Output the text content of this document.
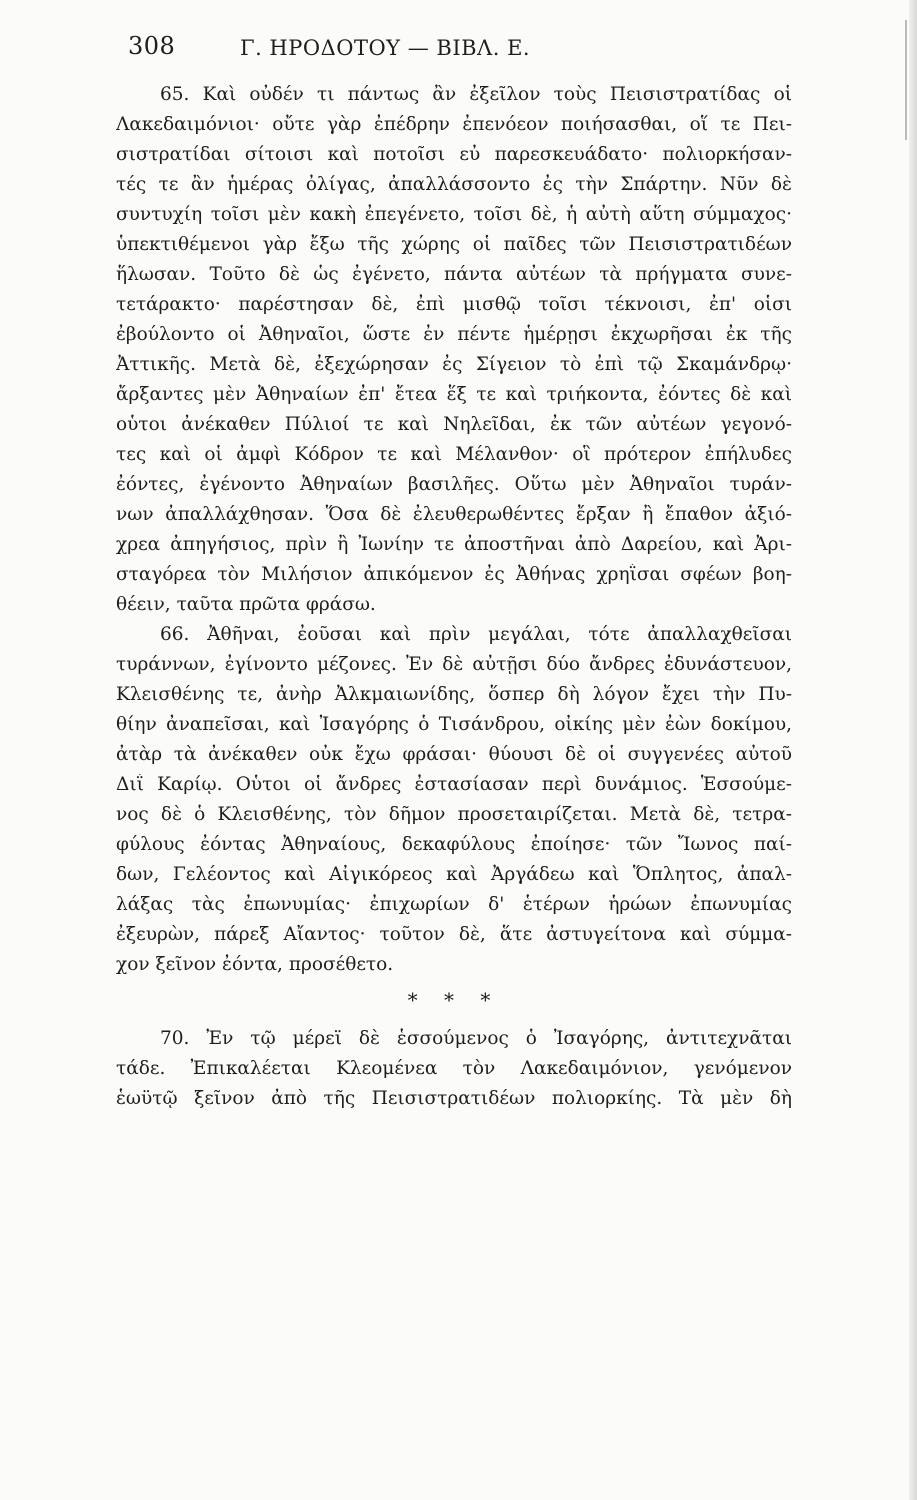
308	Γ. ΗΡΟΔΟΤΟΥ — ΒΙΒΛ. Ε.
65. Καὶ οὐδέν τι πάντως ἂν ἐξεῖλον τοὺς Πεισιστρατίδας οἱ
Λακεδαιμόνιοι· οὔτε γὰρ ἐπέδρην ἐπενόεον ποιήσασθαι, οἵ τε Πει-
σιστρατίδαι σίτοισι καὶ ποτοῖσι εὖ παρεσκευάδατο· πολιορκήσαν-
τές τε ἂν ἡμέρας ὀλίγας, ἀπαλλάσσοντο ἐς τὴν Σπάρτην. Νῦν δὲ
συντυχίη τοῖσι μὲν κακὴ ἐπεγένετο, τοῖσι δὲ, ἡ αὐτὴ αὕτη σύμμαχος·
ὑπεκτιθέμενοι γὰρ ἔξω τῆς χώρης οἱ παῖδες τῶν Πεισιστρατιδέων
ἥλωσαν. Τοῦτο δὲ ὡς ἐγένετο, πάντα αὐτέων τὰ πρήγματα συνε-
τετάρακτο· παρέστησαν δὲ, ἐπὶ μισθῷ τοῖσι τέκνοισι, ἐπ' οἷσι
ἐβούλοντο οἱ Ἀθηναῖοι, ὥστε ἐν πέντε ἡμέρῃσι ἐκχωρῆσαι ἐκ τῆς
Ἀττικῆς. Μετὰ δὲ, ἐξεχώρησαν ἐς Σίγειον τὸ ἐπὶ τῷ Σκαμάνδρῳ·
ἄρξαντες μὲν Ἀθηναίων ἐπ' ἔτεα ἕξ τε καὶ τριήκοντα, ἐόντες δὲ καὶ
οὗτοι ἀνέκαθεν Πύλιοί τε καὶ Νηλεῖδαι, ἐκ τῶν αὐτέων γεγονό-
τες καὶ οἱ ἀμφὶ Κόδρον τε καὶ Μέλανθον· οἳ πρότερον ἐπήλυδες
ἐόντες, ἐγένοντο Ἀθηναίων βασιλῆες. Οὕτω μὲν Ἀθηναῖοι τυράν-
νων ἀπαλλάχθησαν. Ὅσα δὲ ἐλευθερωθέντες ἔρξαν ἢ ἔπαθον ἀξιό-
χρεα ἀπηγήσιος, πρὶν ἢ Ἰωνίην τε ἀποστῆναι ἀπὸ Δαρείου, καὶ Ἀρι-
σταγόρεα τὸν Μιλήσιον ἀπικόμενον ἐς Ἀθήνας χρηΐσαι σφέων βοη-
θέειν, ταῦτα πρῶτα φράσω.
66. Ἀθῆναι, ἐοῦσαι καὶ πρὶν μεγάλαι, τότε ἀπαλλαχθεῖσαι
τυράννων, ἐγίνοντο μέζονες. Ἐν δὲ αὐτῇσι δύο ἄνδρες ἐδυνάστευον,
Κλεισθένης τε, ἀνὴρ Ἀλκμαιωνίδης, ὅσπερ δὴ λόγον ἔχει τὴν Πυ-
θίην ἀναπεῖσαι, καὶ Ἰσαγόρης ὁ Τισάνδρου, οἰκίης μὲν ἐὼν δοκίμου,
ἀτὰρ τὰ ἀνέκαθεν οὐκ ἔχω φράσαι· θύουσι δὲ οἱ συγγενέες αὐτοῦ
Διῒ Καρίῳ. Οὗτοι οἱ ἄνδρες ἐστασίασαν περὶ δυνάμιος. Ἑσσούμε-
νος δὲ ὁ Κλεισθένης, τὸν δῆμον προσεταιρίζεται. Μετὰ δὲ, τετρα-
φύλους ἐόντας Ἀθηναίους, δεκαφύλους ἐποίησε· τῶν Ἴωνος παί-
δων, Γελέοντος καὶ Αἰγικόρεος καὶ Ἀργάδεω καὶ Ὅπλητος, ἀπαλ-
λάξας τὰς ἐπωνυμίας· ἐπιχωρίων δ' ἑτέρων ἡρώων ἐπωνυμίας
ἐξευρὼν, πάρεξ Αἴαντος· τοῦτον δὲ, ἅτε ἀστυγείτονα καὶ σύμμα-
χον ξεῖνον ἐόντα, προσέθετο.
* * *
70. Ἐν τῷ μέρεϊ δὲ ἑσσούμενος ὁ Ἰσαγόρης, ἀντιτεχνᾶται
τάδε. Ἐπικαλέεται Κλεομένεα τὸν Λακεδαιμόνιον, γενόμενον
ἑωϋτῷ ξεῖνον ἀπὸ τῆς Πεισιστρατιδέων πολιορκίης. Τὰ μὲν δὴ
